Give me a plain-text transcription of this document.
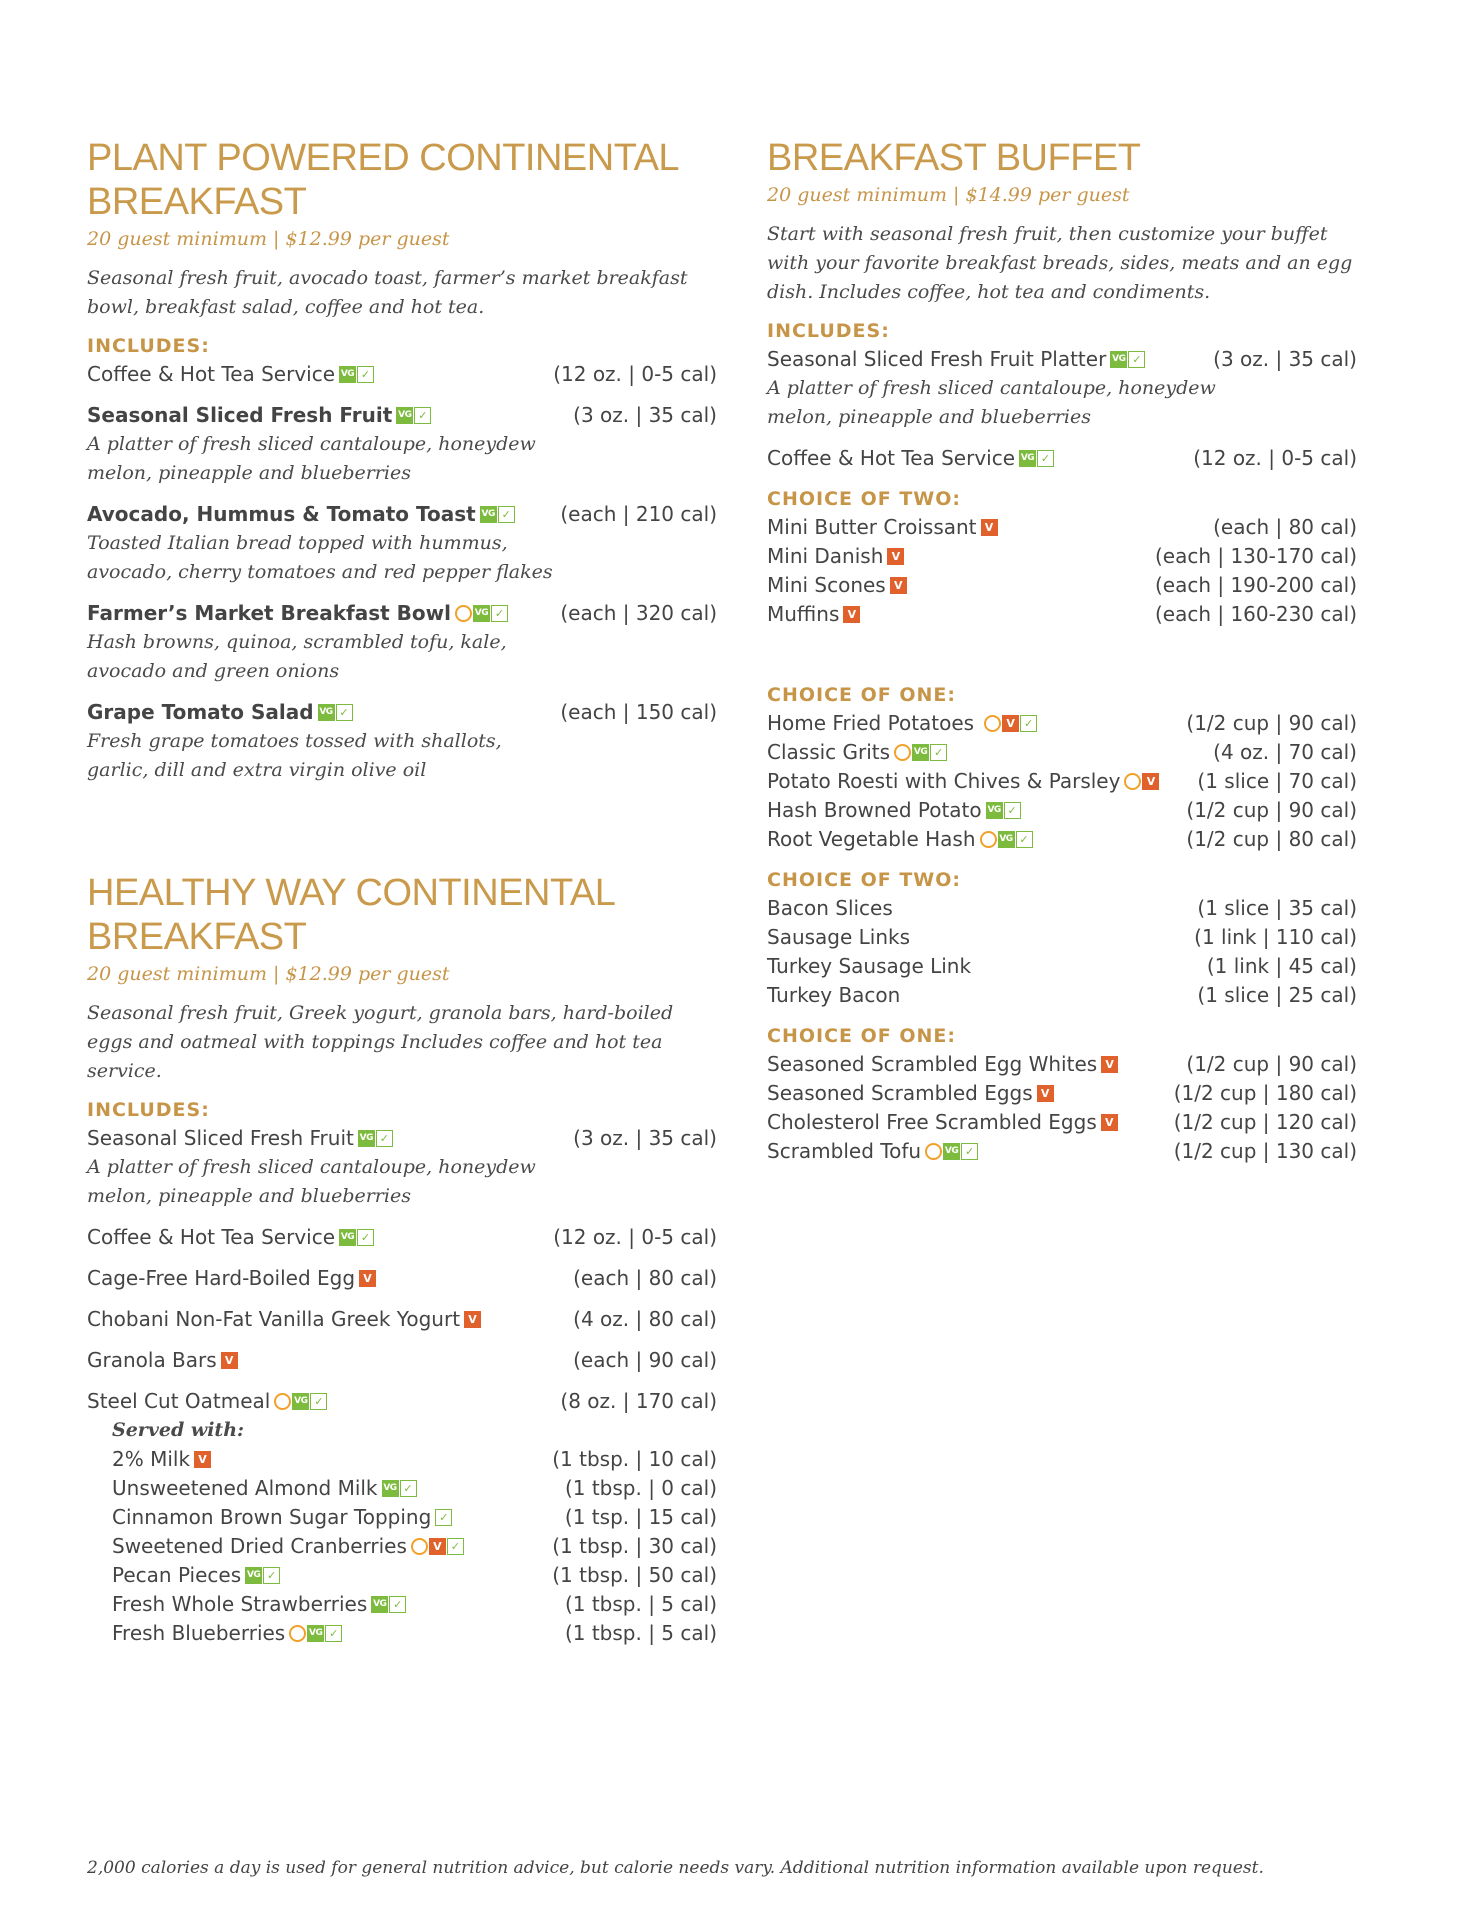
PLANT POWERED CONTINENTAL
BREAKFAST
20 guest minimum | $12.99 per guest
Seasonal fresh fruit, avocado toast, farmer’s market breakfast bowl, breakfast salad, coffee and hot tea.
INCLUDES:
Coffee & Hot Tea Service VG ✓	(12 oz. | 0-5 cal)
Seasonal Sliced Fresh Fruit VG ✓	(3 oz. | 35 cal)
A platter of fresh sliced cantaloupe, honeydew melon, pineapple and blueberries
Avocado, Hummus & Tomato Toast VG ✓ (each | 210 cal)
Toasted Italian bread topped with hummus, avocado, cherry tomatoes and red pepper flakes
Farmer’s Market Breakfast Bowl	VG ✓	(each | 320 cal)
Hash browns, quinoa, scrambled tofu, kale, avocado and green onions
Grape Tomato Salad VG ✓	(each | 150 cal)
Fresh grape tomatoes tossed with shallots, garlic, dill and extra virgin olive oil
HEALTHY WAY CONTINENTAL
BREAKFAST
20 guest minimum | $12.99 per guest
Seasonal fresh fruit, Greek yogurt, granola bars, hard-boiled eggs and oatmeal with toppings Includes coffee and hot tea service.
INCLUDES:
Seasonal Sliced Fresh Fruit VG ✓	(3 oz. | 35 cal)
A platter of fresh sliced cantaloupe, honeydew melon, pineapple and blueberries
Coffee & Hot Tea Service VG ✓	(12 oz. | 0-5 cal)
Cage-Free Hard-Boiled Egg V	(each | 80 cal)
Chobani Non-Fat Vanilla Greek Yogurt V	(4 oz. | 80 cal)
Granola Bars V	(each | 90 cal)
Steel Cut Oatmeal	VG ✓	(8 oz. | 170 cal)
Served with:
2% Milk V	(1 tbsp. | 10 cal)
Unsweetened Almond Milk VG ✓	(1 tbsp. | 0 cal)
Cinnamon Brown Sugar Topping ✓	(1 tsp. | 15 cal)
Sweetened Dried Cranberries	V ✓	(1 tbsp. | 30 cal)
Pecan Pieces VG ✓	(1 tbsp. | 50 cal)
Fresh Whole Strawberries VG ✓	(1 tbsp. | 5 cal)
Fresh Blueberries	VG ✓	(1 tbsp. | 5 cal)
BREAKFAST BUFFET
20 guest minimum | $14.99 per guest
Start with seasonal fresh fruit, then customize your buffet with your favorite breakfast breads, sides, meats and an egg dish. Includes coffee, hot tea and condiments.
INCLUDES:
Seasonal Sliced Fresh Fruit Platter VG ✓	(3 oz. | 35 cal)
A platter of fresh sliced cantaloupe, honeydew melon, pineapple and blueberries
Coffee & Hot Tea Service VG ✓	(12 oz. | 0-5 cal)
CHOICE OF TWO:
Mini Butter Croissant V	(each | 80 cal)
Mini Danish V	(each | 130-170 cal)
Mini Scones V	(each | 190-200 cal)
Muffins V	(each | 160-230 cal)
CHOICE OF ONE:
Home Fried Potatoes	V ✓	(1/2 cup | 90 cal)
Classic Grits	VG ✓	(4 oz. | 70 cal)
Potato Roesti with Chives & Parsley	V (1 slice | 70 cal)
Hash Browned Potato VG ✓	(1/2 cup | 90 cal)
Root Vegetable Hash	VG ✓	(1/2 cup | 80 cal)
CHOICE OF TWO:
Bacon Slices	(1 slice | 35 cal)
Sausage Links	(1 link | 110 cal)
Turkey Sausage Link	(1 link | 45 cal)
Turkey Bacon	(1 slice | 25 cal)
CHOICE OF ONE:
Seasoned Scrambled Egg Whites V	(1/2 cup | 90 cal)
Seasoned Scrambled Eggs V	(1/2 cup | 180 cal)
Cholesterol Free Scrambled Eggs V	(1/2 cup | 120 cal)
Scrambled Tofu	VG ✓	(1/2 cup | 130 cal)
2,000 calories a day is used for general nutrition advice, but calorie needs vary. Additional nutrition information available upon request.
